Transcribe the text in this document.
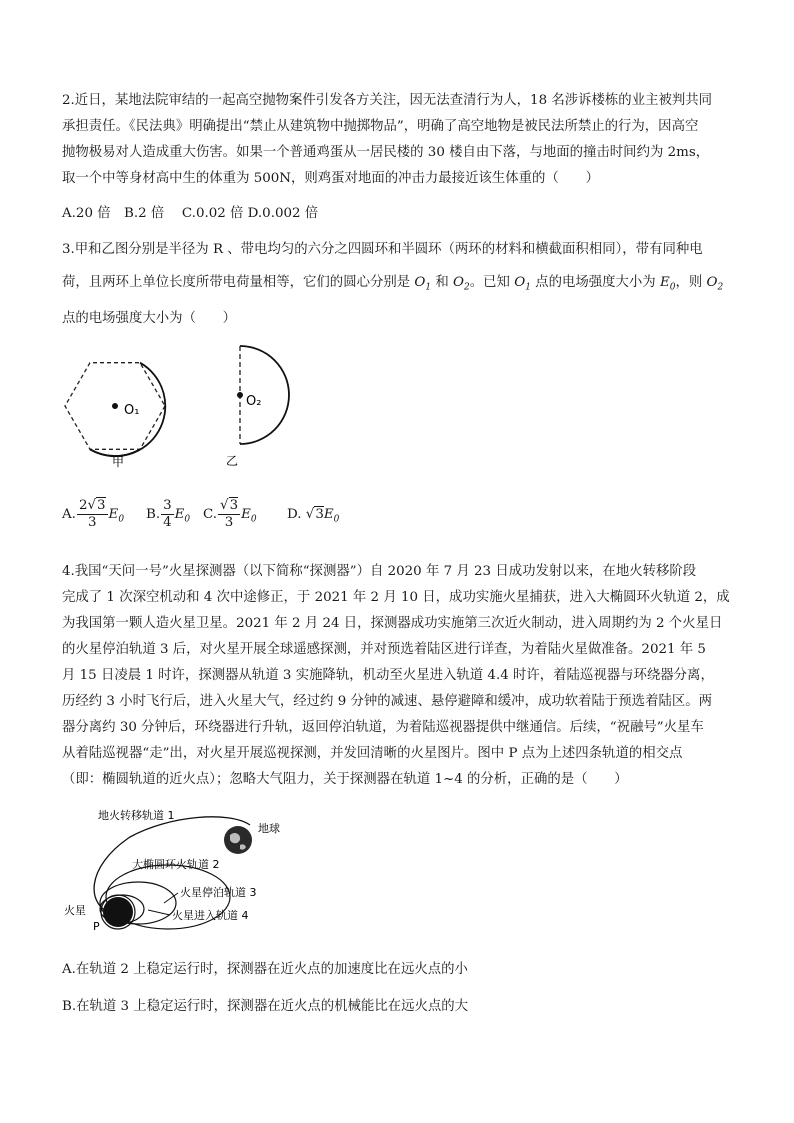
2.近日，某地法院审结的一起高空抛物案件引发各方关注，因无法查清行为人，18 名涉诉楼栋的业主被判共同
承担责任。《民法典》明确提出“禁止从建筑物中抛掷物品”，明确了高空地物是被民法所禁止的行为，因高空
抛物极易对人造成重大伤害。如果一个普通鸡蛋从一居民楼的 30 楼自由下落，与地面的撞击时间约为 2ms，
取一个中等身材高中生的体重为 500N，则鸡蛋对地面的冲击力最接近该生体重的（　　）
A.20 倍　B.2 倍　 C.0.02 倍 D.0.002 倍
3.甲和乙图分别是半径为 R 、带电均匀的六分之四圆环和半圆环（两环的材料和横截面积相同），带有同种电
荷，且两环上单位长度所带电荷量相等，它们的圆心分别是 $O_1$ 和 $O_2$。已知 $O_1$ 点的电场强度大小为 $E_0$，则 $O_2$
点的电场强度大小为（　　）
O₁
甲
O₂
乙
A. $\frac{2√3}{3} E_0$ B. $\frac{3}{4} E_0$ C. $\frac{√3}{3} E_0$ D. $√3E_0$
4.我国“天问一号”火星探测器（以下简称“探测器”）自 2020 年 7 月 23 日成功发射以来，在地火转移阶段
完成了 1 次深空机动和 4 次中途修正，于 2021 年 2 月 10 日，成功实施火星捕获，进入大椭圆环火轨道 2，成
为我国第一颗人造火星卫星。2021 年 2 月 24 日，探测器成功实施第三次近火制动，进入周期约为 2 个火星日
的火星停泊轨道 3 后，对火星开展全球遥感探测，并对预选着陆区进行详查，为着陆火星做准备。2021 年 5
月 15 日凌晨 1 时许，探测器从轨道 3 实施降轨，机动至火星进入轨道 4.4 时许，着陆巡视器与环绕器分离，
历经约 3 小时飞行后，进入火星大气，经过约 9 分钟的减速、悬停避障和缓冲，成功软着陆于预选着陆区。两
器分离约 30 分钟后，环绕器进行升轨，返回停泊轨道，为着陆巡视器提供中继通信。后续，“祝融号”火星车
从着陆巡视器“走”出，对火星开展巡视探测，并发回清晰的火星图片。图中 P 点为上述四条轨道的相交点
（即：椭圆轨道的近火点）；忽略大气阻力，关于探测器在轨道 1~4 的分析，正确的是（　　）
地火转移轨道 1
地球
大椭圆环火轨道 2
火星停泊轨道 3
火星进入轨道 4
火星
P
A.在轨道 2 上稳定运行时，探测器在近火点的加速度比在远火点的小
B.在轨道 3 上稳定运行时，探测器在近火点的机械能比在远火点的大
